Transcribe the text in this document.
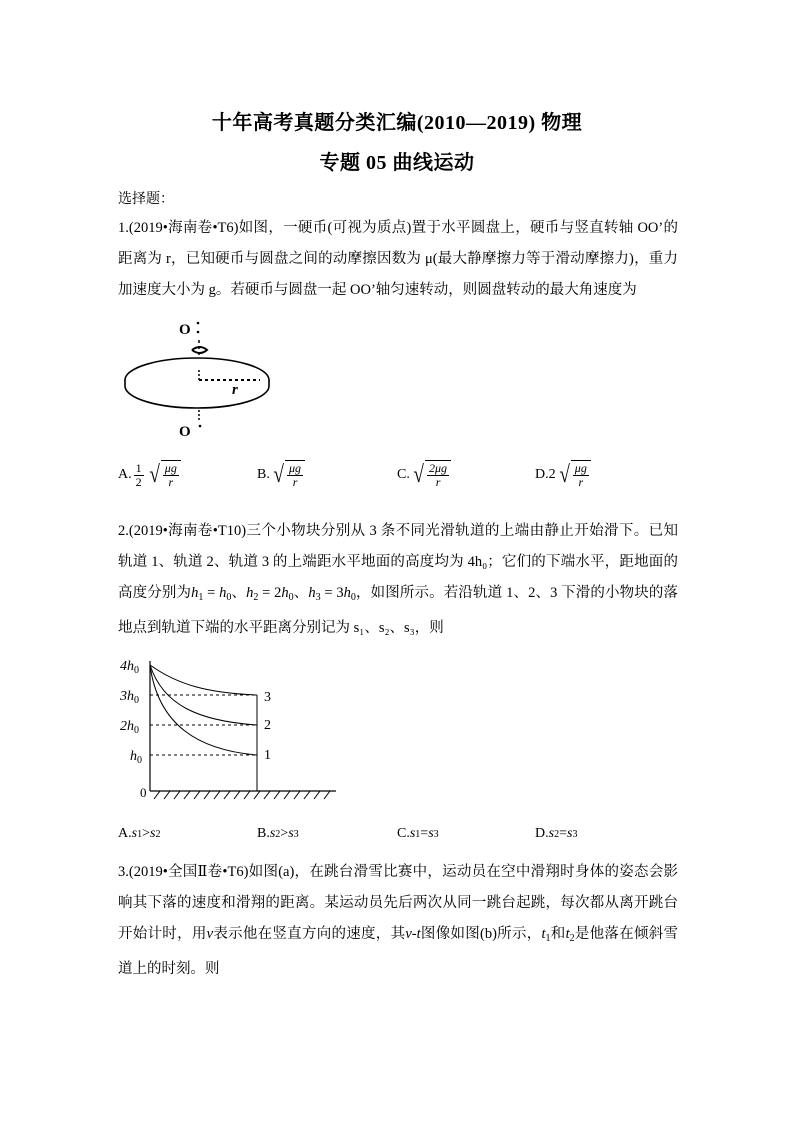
十年高考真题分类汇编(2010—2019) 物理
专题 05 曲线运动
选择题：

1.(2019•海南卷•T6)如图，一硬币(可视为质点)置于水平圆盘上，硬币与竖直转轴 OO’的距离为 r，已知硬币与圆盘之间的动摩擦因数为 μ(最大静摩擦力等于滑动摩擦力)，重力加速度大小为 g。若硬币与圆盘一起 OO’轴匀速转动，则圆盘转动的最大角速度为

O
r
O
A. $\frac{1}{2}$ √ $\frac{\mu g}{r}$	B. √ $\frac{\mu g}{r}$	C. √ $\frac{2\mu g}{r}$	D. 2 √ $\frac{\mu g}{r}$

2.(2019•海南卷•T10)三个小物块分别从 3 条不同光滑轨道的上端由静止开始滑下。已知轨道 1、轨道 2、轨道 3 的上端距水平地面的高度均为 4h₀；它们的下端水平，距地面的高度分别为$h_1 = h_0$、$h_2 = 2h_0$、$h_3 = 3h_0$，如图所示。若沿轨道 1、2、3 下滑的小物块的落地点到轨道下端的水平距离分别记为 s₁、s₂、s₃，则

$4h_0$
$3h_0$
$2h_0$
$h_0$
0
3
2
1
A. s 1 > s 2	B. s 2 > s 3	C. s 1 = s 3	D. s 2 = s 3

3.(2019•全国Ⅱ卷•T6)如图(a)，在跳台滑雪比赛中，运动员在空中滑翔时身体的姿态会影响其下落的速度和滑翔的距离。某运动员先后两次从同一跳台起跳，每次都从离开跳台开始计时，用v表示他在竖直方向的速度，其v-t图像如图(b)所示，$t_1$和$t_2$是他落在倾斜雪道上的时刻。则
